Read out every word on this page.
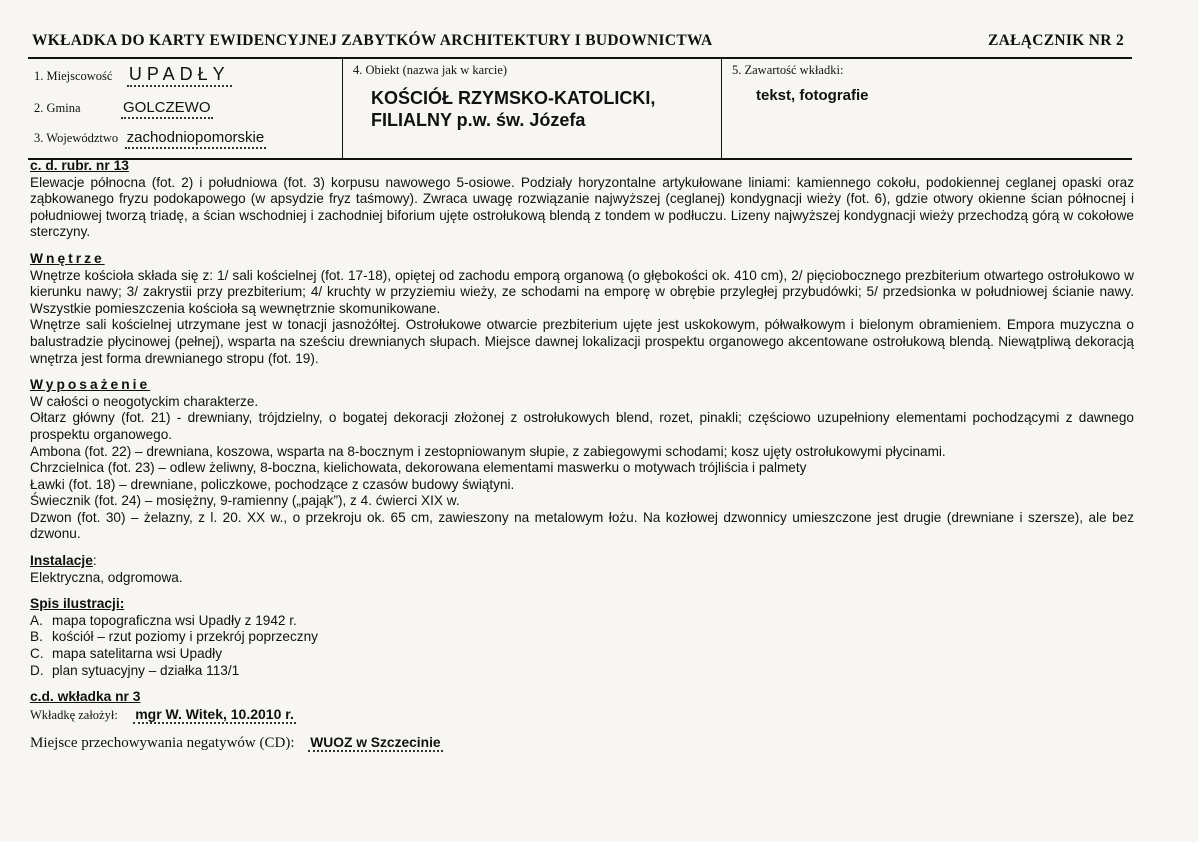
WKŁADKA DO KARTY EWIDENCYJNEJ ZABYTKÓW ARCHITEKTURY I BUDOWNICTWA	ZAŁĄCZNIK NR 2
1. Miejscowość UPADŁY
2. Gmina	GOLCZEWO
3. Województwo zachodniopomorskie
4. Obiekt (nazwa jak w karcie)
KOŚCIÓŁ RZYMSKO-KATOLICKI,
FILIALNY p.w. św. Józefa
5. Zawartość wkładki:
tekst, fotografie
c. d. rubr. nr 13

Elewacje północna (fot. 2) i południowa (fot. 3) korpusu nawowego 5-osiowe. Podziały horyzontalne artykułowane liniami: kamiennego cokołu, podokiennej ceglanej opaski oraz ząbkowanego fryzu podokapowego (w apsydzie fryz taśmowy). Zwraca uwagę rozwiązanie najwyższej (ceglanej) kondygnacji wieży (fot. 6), gdzie otwory okienne ścian północnej i południowej tworzą triadę, a ścian wschodniej i zachodniej biforium ujęte ostrołukową blendą z tondem w podłuczu. Lizeny najwyższej kondygnacji wieży przechodzą górą w cokołowe sterczyny.

Wnętrze

Wnętrze kościoła składa się z: 1/ sali kościelnej (fot. 17-18), opiętej od zachodu emporą organową (o głębokości ok. 410 cm), 2/ pięciobocznego prezbiterium otwartego ostrołukowo w kierunku nawy; 3/ zakrystii przy prezbiterium; 4/ kruchty w przyziemiu wieży, ze schodami na emporę w obrębie przyległej przybudówki; 5/ przedsionka w południowej ścianie nawy. Wszystkie pomieszczenia kościoła są wewnętrznie skomunikowane.

Wnętrze sali kościelnej utrzymane jest w tonacji jasnożółtej. Ostrołukowe otwarcie prezbiterium ujęte jest uskokowym, półwałkowym i bielonym obramieniem. Empora muzyczna o balustradzie płycinowej (pełnej), wsparta na sześciu drewnianych słupach. Miejsce dawnej lokalizacji prospektu organowego akcentowane ostrołukową blendą. Niewątpliwą dekoracją wnętrza jest forma drewnianego stropu (fot. 19).

Wyposażenie

W całości o neogotyckim charakterze.

Ołtarz główny (fot. 21) - drewniany, trójdzielny, o bogatej dekoracji złożonej z ostrołukowych blend, rozet, pinakli; częściowo uzupełniony elementami pochodzącymi z dawnego prospektu organowego.

Ambona (fot. 22) – drewniana, koszowa, wsparta na 8-bocznym i zestopniowanym słupie, z zabiegowymi schodami; kosz ujęty ostrołukowymi płycinami.

Chrzcielnica (fot. 23) – odlew żeliwny, 8-boczna, kielichowata, dekorowana elementami maswerku o motywach trójliścia i palmety

Ławki (fot. 18) – drewniane, policzkowe, pochodzące z czasów budowy świątyni.

Świecznik (fot. 24) – mosiężny, 9-ramienny („pająk”), z 4. ćwierci XIX w.

Dzwon (fot. 30) – żelazny, z l. 20. XX w., o przekroju ok. 65 cm, zawieszony na metalowym łożu. Na kozłowej dzwonnicy umieszczone jest drugie (drewniane i szersze), ale bez dzwonu.

Instalacje:

Elektryczna, odgromowa.

Spis ilustracji:
A. mapa topograficzna wsi Upadły z 1942 r.
B. kościół – rzut poziomy i przekrój poprzeczny
C. mapa satelitarna wsi Upadły
D. plan sytuacyjny – działka 113/1
c.d. wkładka nr 3
Wkładkę założył: mgr W. Witek, 10.2010 r.
Miejsce przechowywania negatywów (CD): WUOZ w Szczecinie
